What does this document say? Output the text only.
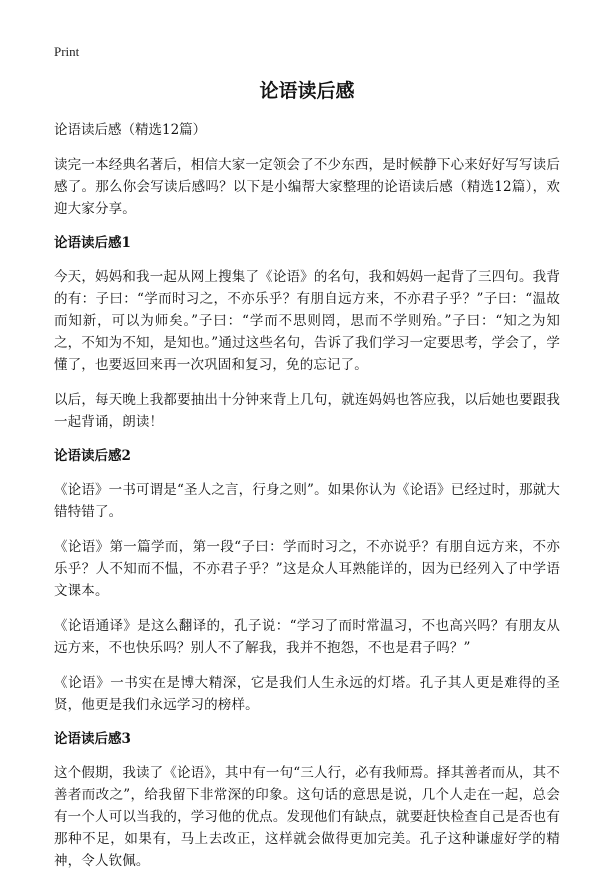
Print
论语读后感
论语读后感（精选12篇）

读完一本经典名著后，相信大家一定领会了不少东西，是时候静下心来好好写写读后感了。那么你会写读后感吗？以下是小编帮大家整理的论语读后感（精选12篇），欢迎大家分享。

论语读后感1

今天，妈妈和我一起从网上搜集了《论语》的名句，我和妈妈一起背了三四句。我背的有：子曰：“学而时习之，不亦乐乎？有朋自远方来，不亦君子乎？”子曰：“温故而知新，可以为师矣。”子曰：“学而不思则罔，思而不学则殆。”子曰：“知之为知之，不知为不知，是知也。”通过这些名句，告诉了我们学习一定要思考，学会了，学懂了，也要返回来再一次巩固和复习，免的忘记了。

以后，每天晚上我都要抽出十分钟来背上几句，就连妈妈也答应我，以后她也要跟我一起背诵，朗读！

论语读后感2

《论语》一书可谓是“圣人之言，行身之则”。如果你认为《论语》已经过时，那就大错特错了。

《论语》第一篇学而，第一段“子曰：学而时习之，不亦说乎？有朋自远方来，不亦乐乎？人不知而不愠，不亦君子乎？”这是众人耳熟能详的，因为已经列入了中学语文课本。

《论语通译》是这么翻译的，孔子说：“学习了而时常温习，不也高兴吗？有朋友从远方来，不也快乐吗？别人不了解我，我并不抱怨，不也是君子吗？”

《论语》一书实在是博大精深，它是我们人生永远的灯塔。孔子其人更是难得的圣贤，他更是我们永远学习的榜样。

论语读后感3

这个假期，我读了《论语》，其中有一句“三人行，必有我师焉。择其善者而从，其不善者而改之”，给我留下非常深的印象。这句话的意思是说，几个人走在一起，总会有一个人可以当我的，学习他的优点。发现他们有缺点，就要赶快检查自己是否也有那种不足，如果有，马上去改正，这样就会做得更加完美。孔子这种谦虚好学的精神，令人钦佩。
